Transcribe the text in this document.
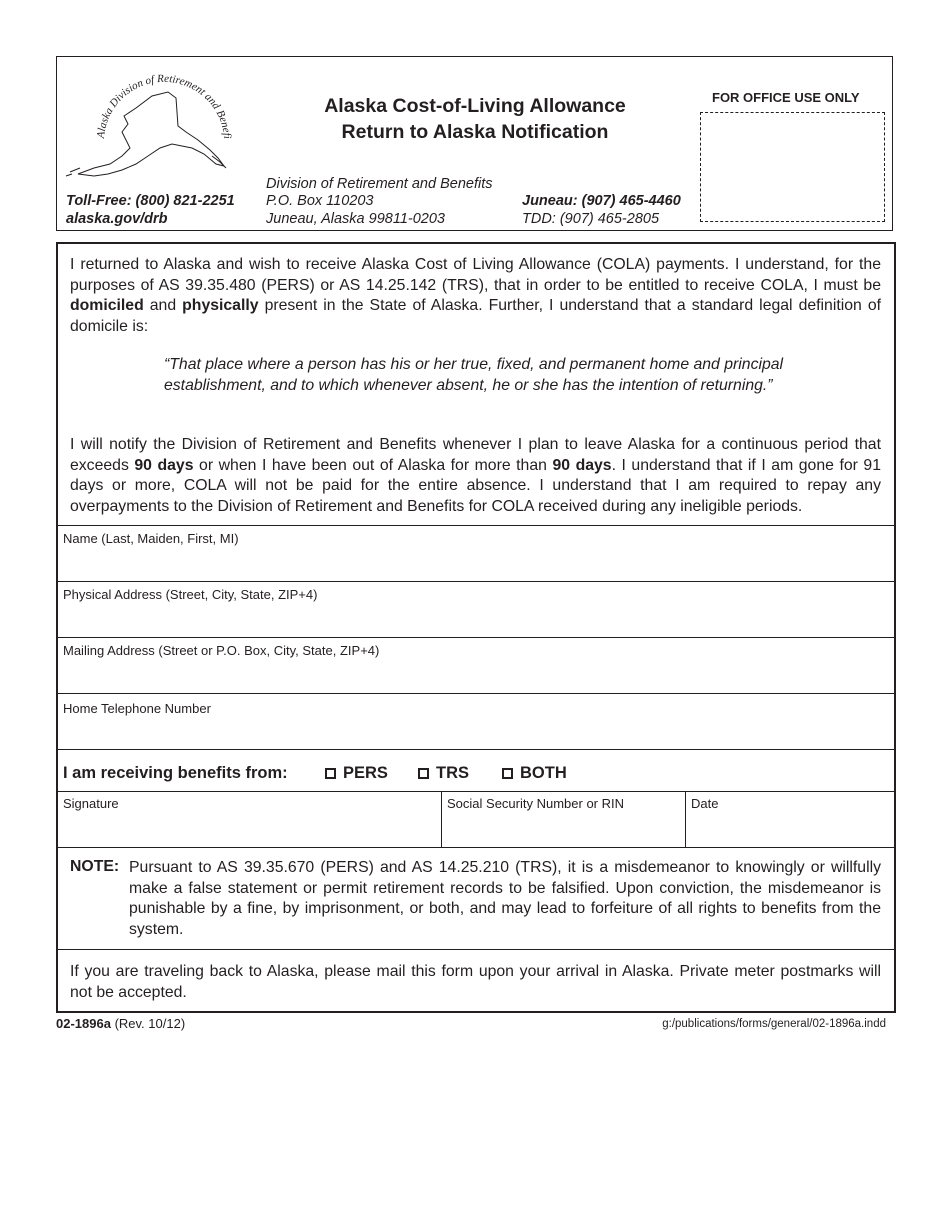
Alaska Division of Retirement and Benefi
Alaska Cost-of-Living Allowance
Return to Alaska Notification
FOR OFFICE USE ONLY
Toll-Free: (800) 821-2251
alaska.gov/drb
Division of Retirement and Benefits
P.O. Box 110203
Juneau, Alaska 99811-0203
Juneau: (907) 465-4460
TDD: (907) 465-2805
I returned to Alaska and wish to receive Alaska Cost of Living Allowance (COLA) payments. I understand, for the purposes of AS 39.35.480 (PERS) or AS 14.25.142 (TRS), that in order to be entitled to receive COLA, I must be domiciled and physically present in the State of Alaska. Further, I understand that a standard legal definition of domicile is:
“That place where a person has his or her true, fixed, and permanent home and principal establishment, and to which whenever absent, he or she has the intention of returning.”
I will notify the Division of Retirement and Benefits whenever I plan to leave Alaska for a continuous period that exceeds 90 days or when I have been out of Alaska for more than 90 days. I understand that if I am gone for 91 days or more, COLA will not be paid for the entire absence. I understand that I am required to repay any overpayments to the Division of Retirement and Benefits for COLA received during any ineligible periods.
Name (Last, Maiden, First, MI)
Physical Address (Street, City, State, ZIP+4)
Mailing Address (Street or P.O. Box, City, State, ZIP+4)
Home Telephone Number
I am receiving benefits from:	PERS	TRS	BOTH
Signature	Social Security Number or RIN	Date
NOTE: Pursuant to AS 39.35.670 (PERS) and AS 14.25.210 (TRS), it is a misdemeanor to knowingly or willfully make a false statement or permit retirement records to be falsified. Upon conviction, the misdemeanor is punishable by a fine, by imprisonment, or both, and may lead to forfeiture of all rights to benefits from the system.
If you are traveling back to Alaska, please mail this form upon your arrival in Alaska. Private meter postmarks will not be accepted.
02-1896a (Rev. 10/12)	g:/publications/forms/general/02-1896a.indd
